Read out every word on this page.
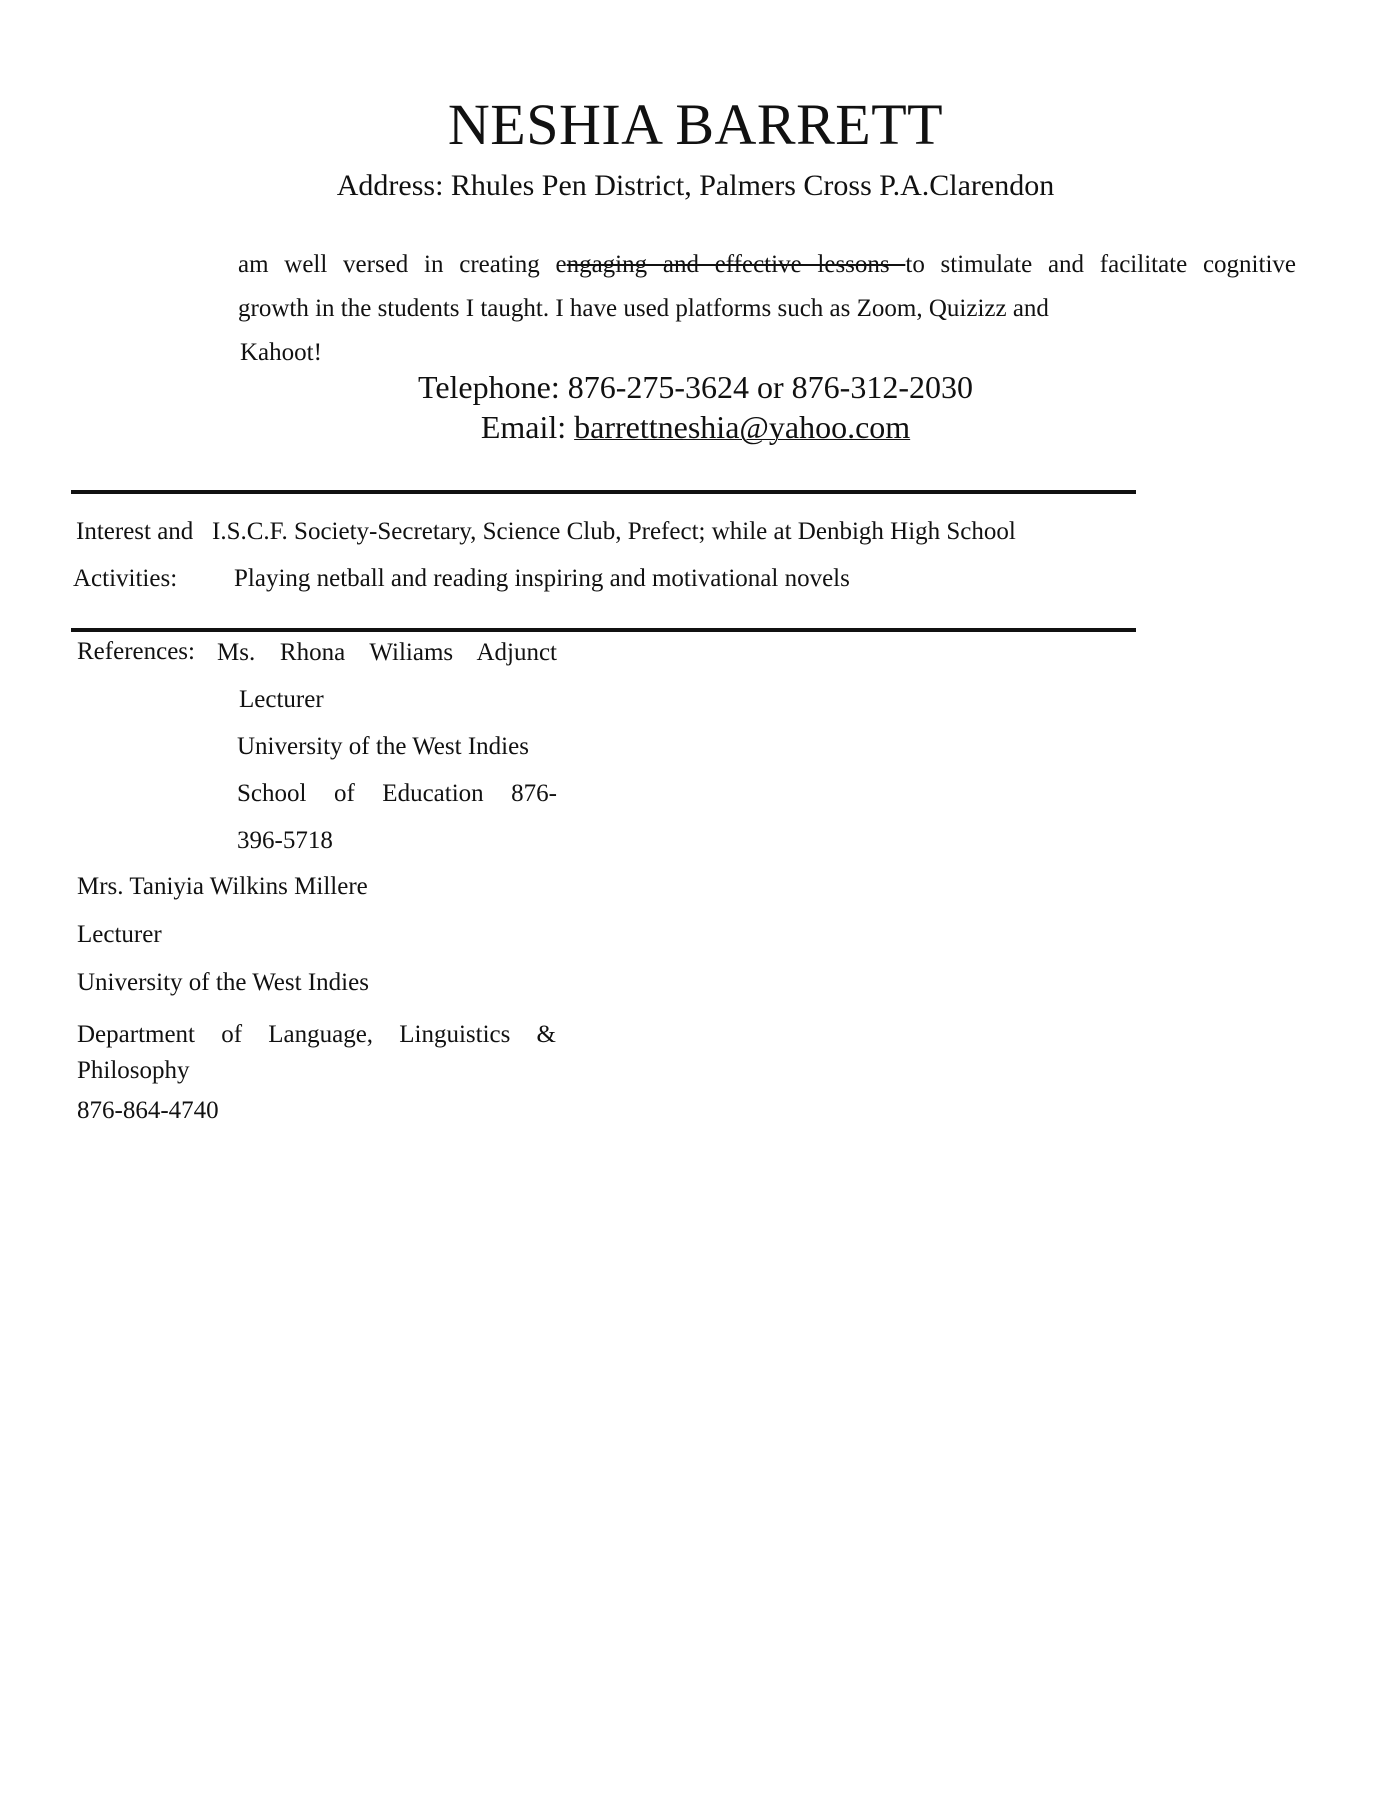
NESHIA BARRETT
Address: Rhules Pen District, Palmers Cross P.A.Clarendon
am well versed in creating engaging and effective lessons to stimulate and facilitate cognitive
growth in the students I taught. I have used platforms such as Zoom, Quizizz and
Kahoot!
Telephone: 876-275-3624 or 876-312-2030
Email: barrettneshia@yahoo.com
Interest and I.S.C.F. Society-Secretary, Science Club, Prefect; while at Denbigh High School
Activities: Playing netball and reading inspiring and motivational novels
References: Ms. Rhona Wiliams Adjunct
Lecturer
University of the West Indies
School of Education 876-
396-5718
Mrs. Taniyia Wilkins Millere
Lecturer
University of the West Indies
Department of Language, Linguistics & Philosophy
876-864-4740
